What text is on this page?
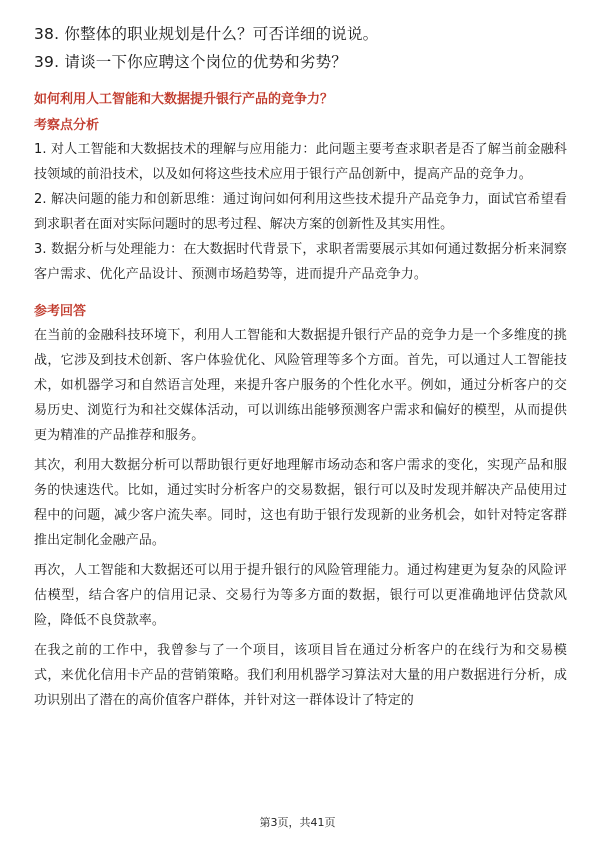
38. 你整体的职业规划是什么？可否详细的说说。

39. 请谈一下你应聘这个岗位的优势和劣势？

如何利用人工智能和大数据提升银行产品的竞争力？
考察点分析

1. 对人工智能和大数据技术的理解与应用能力：此问题主要考查求职者是否了解当前金融科技领域的前沿技术，以及如何将这些技术应用于银行产品创新中，提高产品的竞争力。

2. 解决问题的能力和创新思维：通过询问如何利用这些技术提升产品竞争力，面试官希望看到求职者在面对实际问题时的思考过程、解决方案的创新性及其实用性。

3. 数据分析与处理能力：在大数据时代背景下，求职者需要展示其如何通过数据分析来洞察客户需求、优化产品设计、预测市场趋势等，进而提升产品竞争力。

参考回答

在当前的金融科技环境下，利用人工智能和大数据提升银行产品的竞争力是一个多维度的挑战，它涉及到技术创新、客户体验优化、风险管理等多个方面。首先，可以通过人工智能技术，如机器学习和自然语言处理，来提升客户服务的个性化水平。例如，通过分析客户的交易历史、浏览行为和社交媒体活动，可以训练出能够预测客户需求和偏好的模型，从而提供更为精准的产品推荐和服务。

其次，利用大数据分析可以帮助银行更好地理解市场动态和客户需求的变化，实现产品和服务的快速迭代。比如，通过实时分析客户的交易数据，银行可以及时发现并解决产品使用过程中的问题，减少客户流失率。同时，这也有助于银行发现新的业务机会，如针对特定客群推出定制化金融产品。

再次，人工智能和大数据还可以用于提升银行的风险管理能力。通过构建更为复杂的风险评估模型，结合客户的信用记录、交易行为等多方面的数据，银行可以更准确地评估贷款风险，降低不良贷款率。

在我之前的工作中，我曾参与了一个项目，该项目旨在通过分析客户的在线行为和交易模式，来优化信用卡产品的营销策略。我们利用机器学习算法对大量的用户数据进行分析，成功识别出了潜在的高价值客户群体，并针对这一群体设计了特定的

第3页，共41页
